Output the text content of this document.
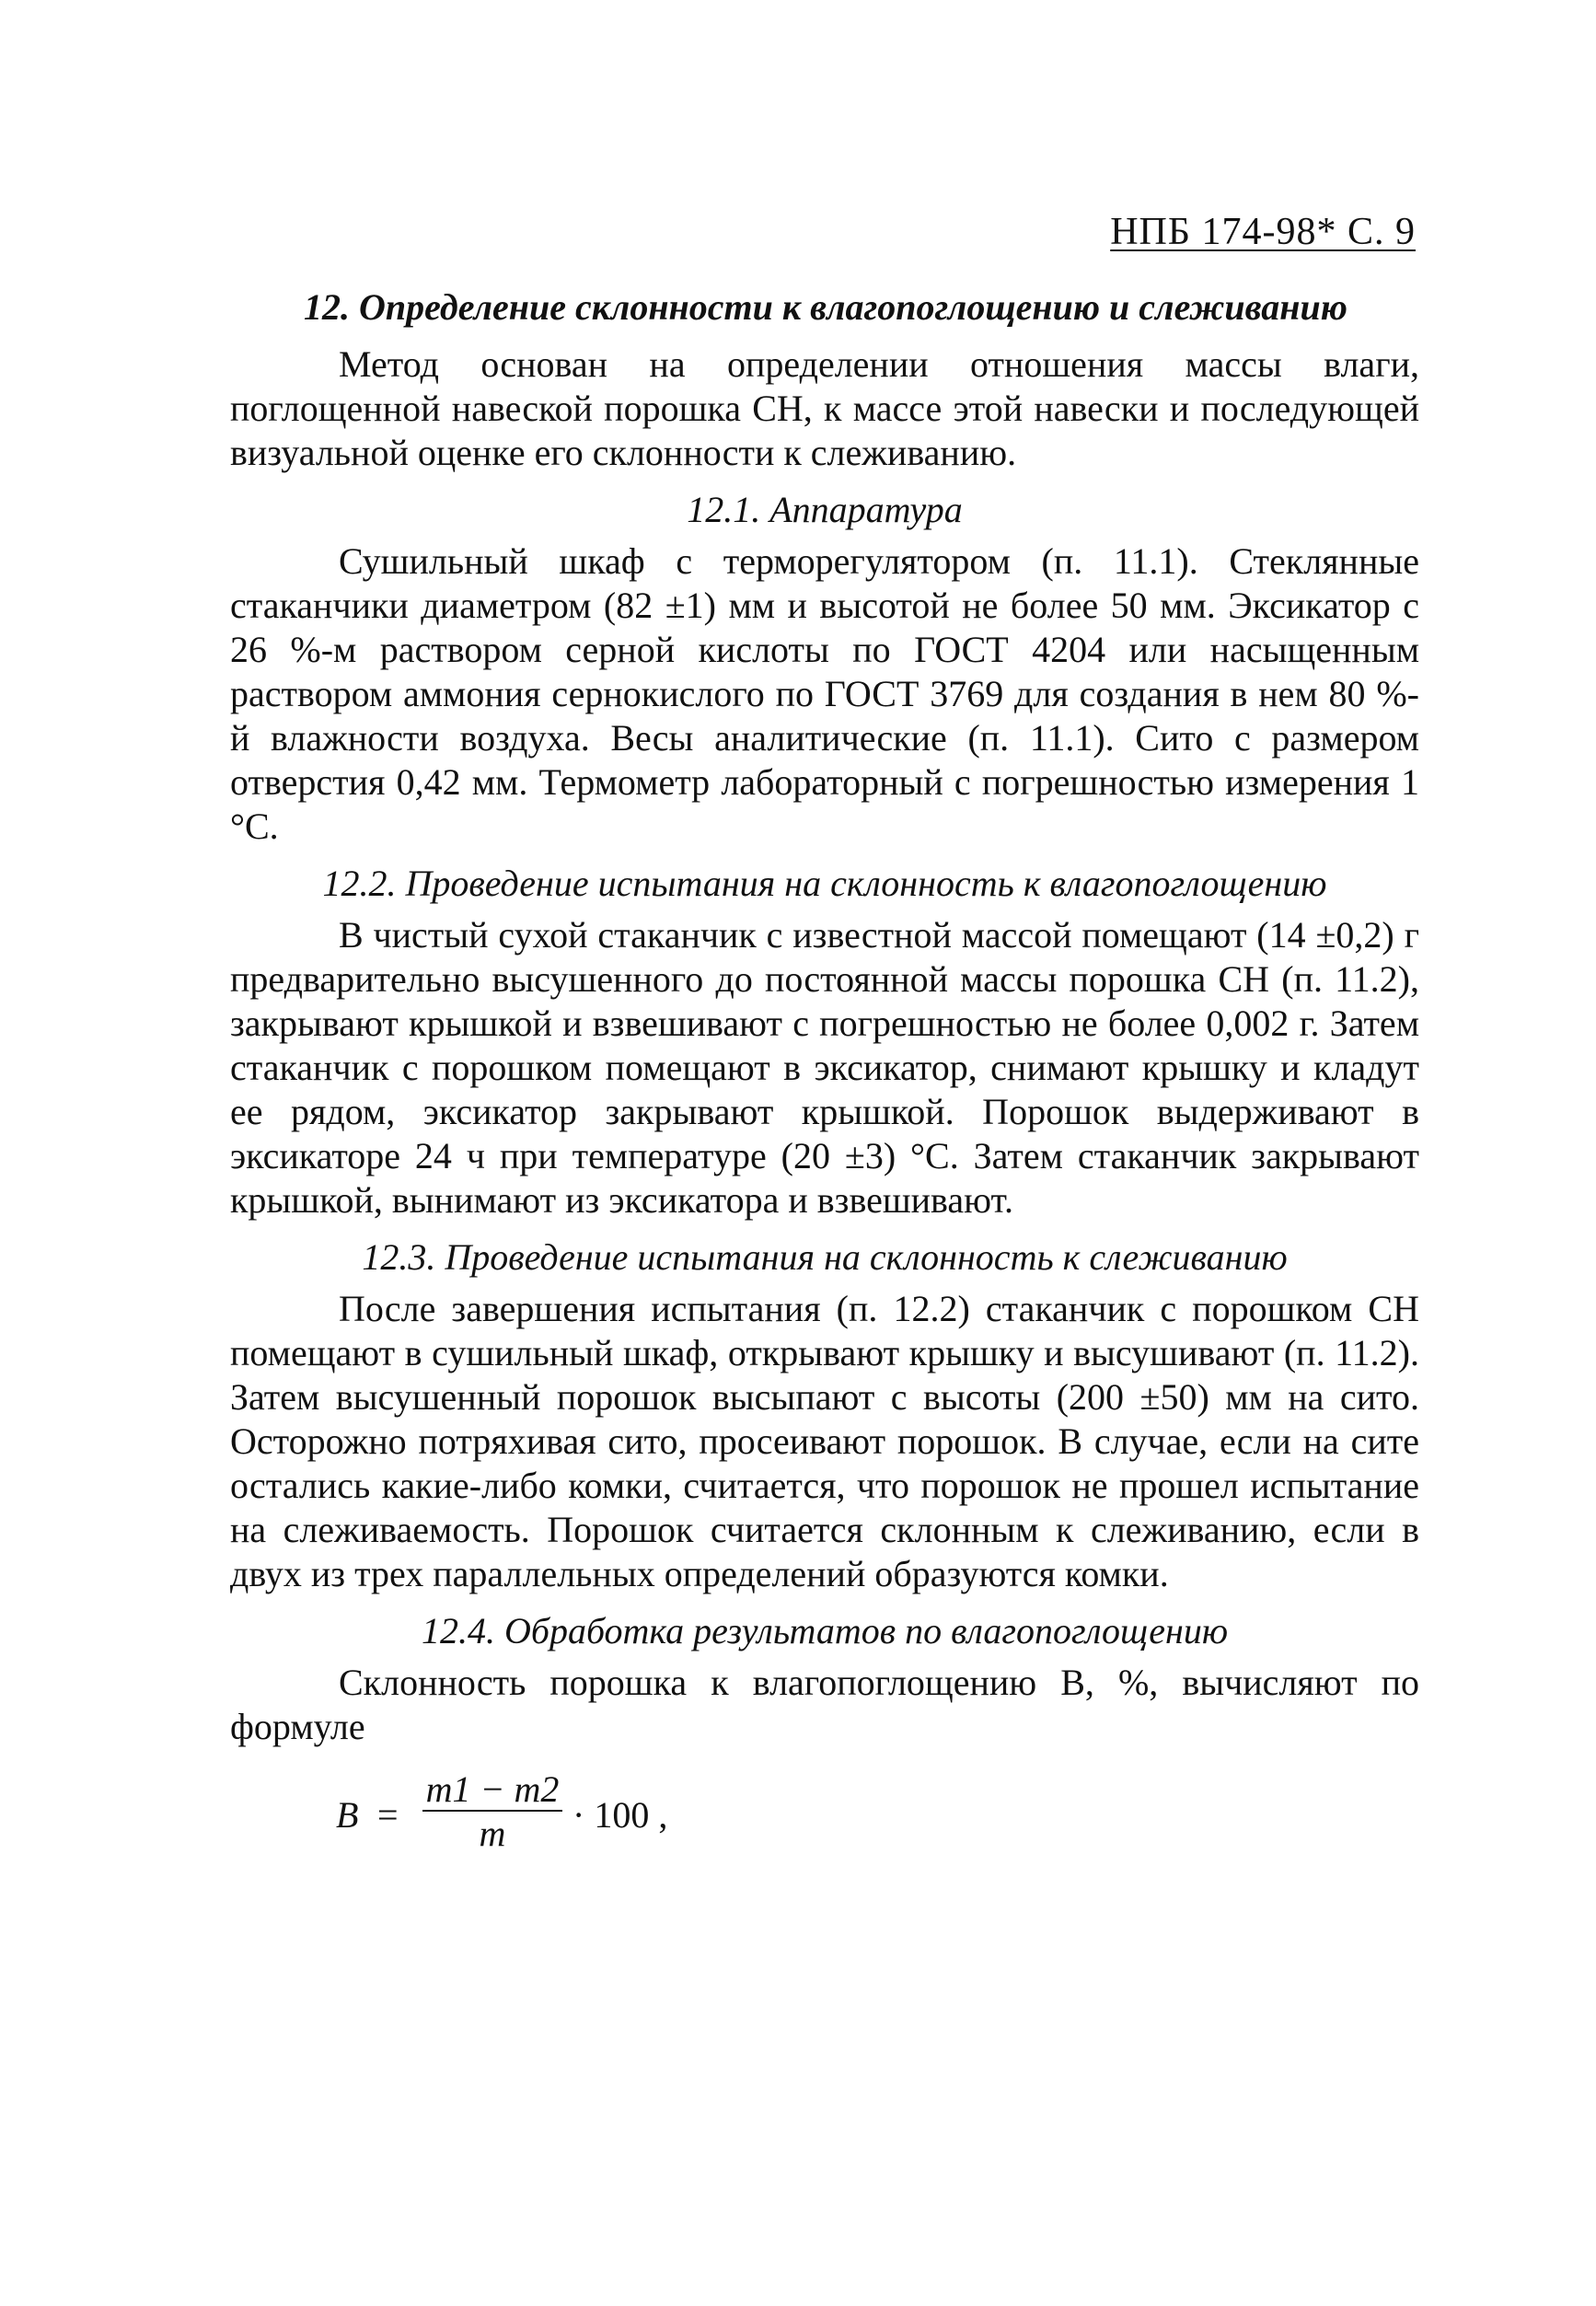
НПБ 174-98* С. 9
12. Определение склонности к влагопоглощению и слеживанию

Метод основан на определении отношения массы влаги, поглощенной навеской порошка СН, к массе этой навески и последующей визуальной оценке его склонности к слеживанию.

12.1. Аппаратура

Сушильный шкаф с терморегулятором (п. 11.1). Стеклянные стаканчики диаметром (82 ±1) мм и высотой не более 50 мм. Эксикатор с 26 %-м раствором серной кислоты по ГОСТ 4204 или насыщенным раствором аммония сернокислого по ГОСТ 3769 для создания в нем 80 %-й влажности воздуха. Весы аналитические (п. 11.1). Сито с размером отверстия 0,42 мм. Термометр лабораторный с погрешностью измерения 1 °С.

12.2. Проведение испытания на склонность к влагопоглощению

В чистый сухой стаканчик с известной массой помещают (14 ±0,2) г предварительно высушенного до постоянной массы порошка СН (п. 11.2), закрывают крышкой и взвешивают с погрешностью не более 0,002 г. Затем стаканчик с порошком помещают в эксикатор, снимают крышку и кладут ее рядом, эксикатор закрывают крышкой. Порошок выдерживают в эксикаторе 24 ч при температуре (20 ±3) °С. Затем стаканчик закрывают крышкой, вынимают из эксикатора и взвешивают.

12.3. Проведение испытания на склонность к слеживанию

После завершения испытания (п. 12.2) стаканчик с порошком СН помещают в сушильный шкаф, открывают крышку и высушивают (п. 11.2). Затем высушенный порошок высыпают с высоты (200 ±50) мм на сито. Осторожно потряхивая сито, просеивают порошок. В случае, если на сите остались какие-либо комки, считается, что порошок не прошел испытание на слеживаемость. Порошок считается склонным к слеживанию, если в двух из трех параллельных определений образуются комки.

12.4. Обработка результатов по влагопоглощению

Склонность порошка к влагопоглощению B, %, вычисляют по формуле

B =
m1 − m2
m	· 100 ,
